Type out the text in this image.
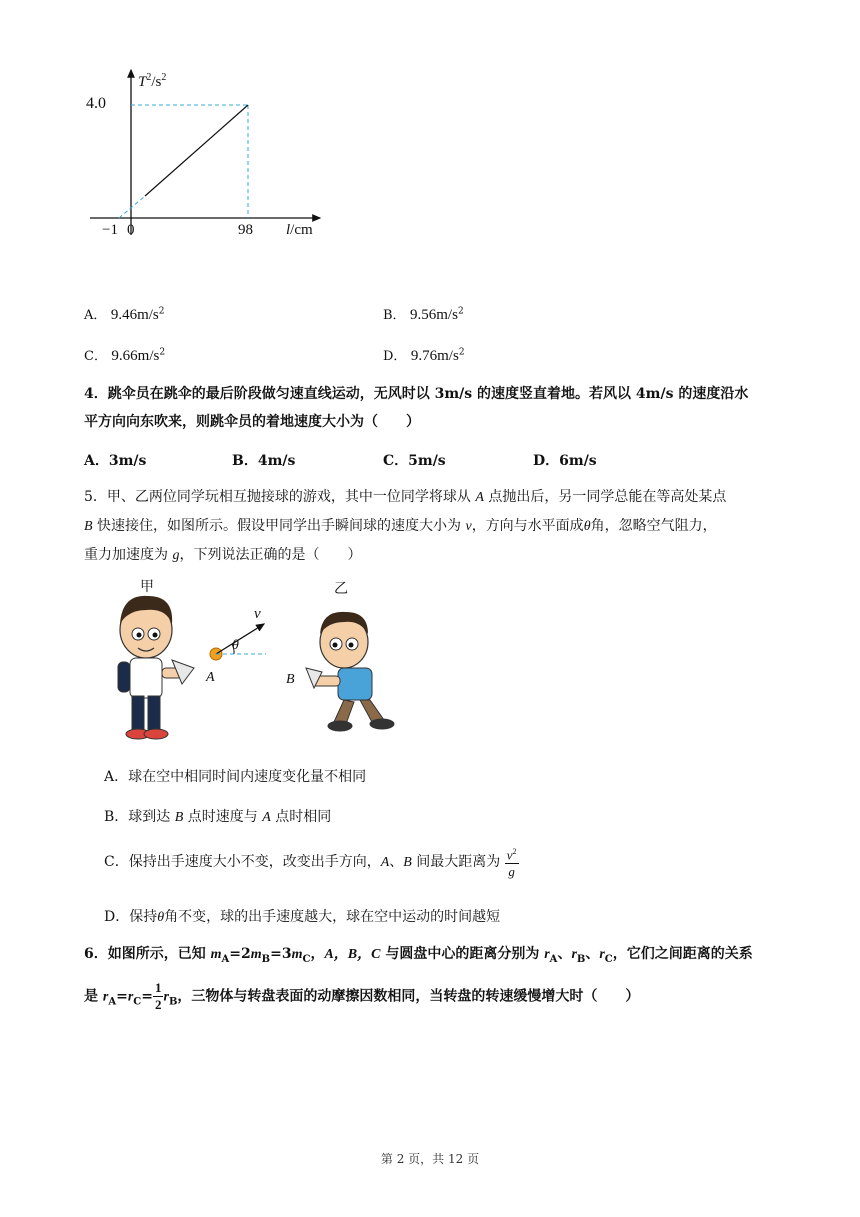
$T^2/s^2$
4.0
−1 0	98 l/cm
A． $9.46m/s^2$	B． $9.56m/s^2$
C． $9.66m/s^2$	D． $9.76m/s^2$
4．跳伞员在跳伞的最后阶段做匀速直线运动，无风时以 3m/s 的速度竖直着地。若风以 4m/s 的速度沿水
平方向向东吹来，则跳伞员的着地速度大小为（　　）
A．3m/s	B．4m/s	C．5m/s	D．6m/s
5．甲、乙两位同学玩相互抛接球的游戏，其中一位同学将球从 A 点抛出后，另一同学总能在等高处某点
B 快速接住，如图所示。假设甲同学出手瞬间球的速度大小为 v，方向与水平面成θ角，忽略空气阻力，
重力加速度为 g，下列说法正确的是（　　）
甲	乙
v
θ
A	B
A．球在空中相同时间内速度变化量不相同
B．球到达 B 点时速度与 A 点时相同
C．保持出手速度大小不变，改变出手方向，A、B 间最大距离为 $\frac{v^2}{g}$
D．保持θ角不变，球的出手速度越大，球在空中运动的时间越短
6．如图所示，已知 $m_A=2m_B=3m_C$，A，B，C 与圆盘中心的距离分别为 $r_A$、$r_B$、$r_C$，它们之间距离的关系
是 $r_A=r_C= \frac{1}{2} r_B$，三物体与转盘表面的动摩擦因数相同，当转盘的转速缓慢增大时（　　）
第 2 页，共 12 页
